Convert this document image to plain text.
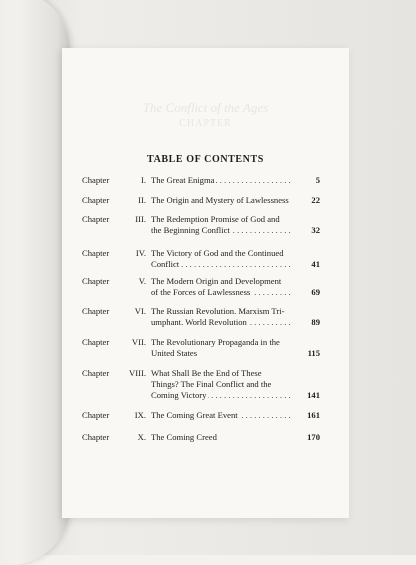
The Conflict of the Ages
CHAPTER
TABLE OF CONTENTS
Chapter	I. The Great Enigma . . .	5
Chapter	II. The Origin and Mystery of Lawlessness	22
Chapter	III. The Redemption Promise of God and
the Beginning Conflict . . .	32
Chapter	IV. The Victory of God and the Continued
Conflict . . .	41
Chapter	V. The Modern Origin and Development
of the Forces of Lawlessness . . .	69
Chapter	VI. The Russian Revolution. Marxism Tri-
umphant. World Revolution . . .	89
Chapter	VII. The Revolutionary Propaganda in the
United States	115
Chapter	VIII. What Shall Be the End of These
Things? The Final Conflict and the
Coming Victory . . .	141
Chapter	IX. The Coming Great Event . . .	161
Chapter	X. The Coming Creed	170
